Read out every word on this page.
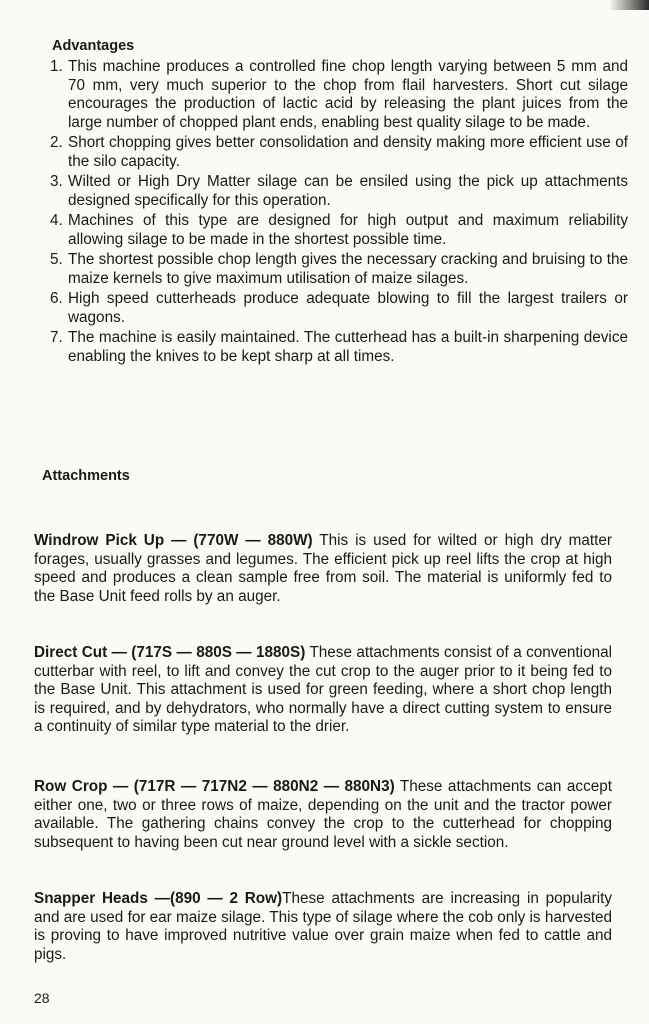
Advantages
1. This machine produces a controlled fine chop length varying between 5 mm and 70 mm, very much superior to the chop from flail harvesters. Short cut silage encourages the production of lactic acid by releasing the plant juices from the large number of chopped plant ends, enabling best quality silage to be made.
2. Short chopping gives better consolidation and density making more efficient use of the silo capacity.
3. Wilted or High Dry Matter silage can be ensiled using the pick up attachments designed specifically for this operation.
4. Machines of this type are designed for high output and maximum reliability allowing silage to be made in the shortest possible time.
5. The shortest possible chop length gives the necessary cracking and bruising to the maize kernels to give maximum utilisation of maize silages.
6. High speed cutterheads produce adequate blowing to fill the largest trailers or wagons.
7. The machine is easily maintained. The cutterhead has a built-in sharpening device enabling the knives to be kept sharp at all times.
Attachments

Windrow Pick Up — (770W — 880W) This is used for wilted or high dry matter forages, usually grasses and legumes. The efficient pick up reel lifts the crop at high speed and produces a clean sample free from soil. The material is uniformly fed to the Base Unit feed rolls by an auger.

Direct Cut — (717S — 880S — 1880S) These attachments consist of a conventional cutterbar with reel, to lift and convey the cut crop to the auger prior to it being fed to the Base Unit. This attachment is used for green feeding, where a short chop length is required, and by dehydrators, who normally have a direct cutting system to ensure a continuity of similar type material to the drier.

Row Crop — (717R — 717N2 — 880N2 — 880N3) These attachments can accept either one, two or three rows of maize, depending on the unit and the tractor power available. The gathering chains convey the crop to the cutterhead for chopping subsequent to having been cut near ground level with a sickle section.

Snapper Heads —(890 — 2 Row)These attachments are increasing in popularity and are used for ear maize silage. This type of silage where the cob only is harvested is proving to have improved nutritive value over grain maize when fed to cattle and pigs.

28
